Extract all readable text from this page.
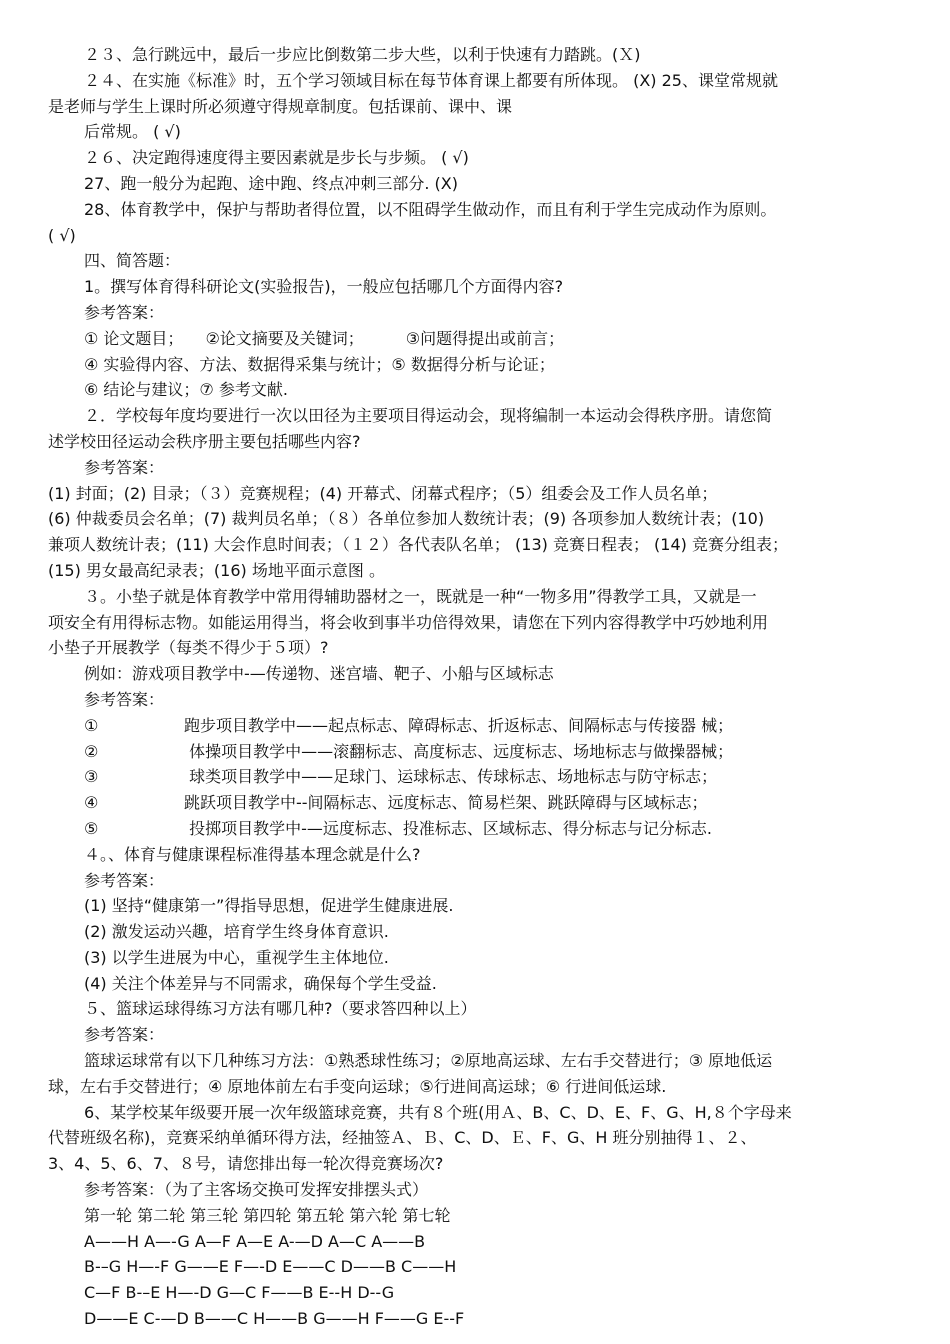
２３、急行跳远中，最后一步应比倒数第二步大些，以利于快速有力踏跳。(Ｘ)

２４、在实施《标准》时，五个学习领域目标在每节体育课上都要有所体现。 (X) 25、课堂常规就

是老师与学生上课时所必须遵守得规章制度。包括课前、课中、课

后常规。 ( √)

２６、决定跑得速度得主要因素就是步长与步频。 ( √)

27、跑一般分为起跑、途中跑、终点冲刺三部分. (X)

28、体育教学中，保护与帮助者得位置，以不阻碍学生做动作，而且有利于学生完成动作为原则。

( √)

四、简答题：

1。撰写体育得科研论文(实验报告)，一般应包括哪几个方面得内容?

参考答案：

① 论文题目； ②论文摘要及关键词；	③问题得提出或前言；

④ 实验得内容、方法、数据得采集与统计；⑤ 数据得分析与论证；

⑥ 结论与建议；⑦ 参考文献.

２．学校每年度均要进行一次以田径为主要项目得运动会，现将编制一本运动会得秩序册。请您简

述学校田径运动会秩序册主要包括哪些内容?

参考答案：

(1) 封面；(2) 目录；（３）竞赛规程；(4) 开幕式、闭幕式程序；（5）组委会及工作人员名单；

(6) 仲裁委员会名单；(7) 裁判员名单；（８）各单位参加人数统计表；(9) 各项参加人数统计表；(10)

兼项人数统计表；(11) 大会作息时间表；（１２）各代表队名单； (13) 竞赛日程表； (14) 竞赛分组表；

(15) 男女最高纪录表；(16) 场地平面示意图 。

３。小垫子就是体育教学中常用得辅助器材之一，既就是一种“一物多用”得教学工具，又就是一

项安全有用得标志物。如能运用得当，将会收到事半功倍得效果，请您在下列内容得教学中巧妙地利用

小垫子开展教学（每类不得少于５项）?

例如：游戏项目教学中-—传递物、迷宫墙、靶子、小船与区域标志

参考答案：

①	跑步项目教学中——起点标志、障碍标志、折返标志、间隔标志与传接器 械；

②	体操项目教学中——滚翻标志、高度标志、远度标志、场地标志与做操器械；

③	球类项目教学中——足球门、运球标志、传球标志、场地标志与防守标志；

④	跳跃项目教学中--间隔标志、远度标志、简易栏架、跳跃障碍与区域标志；

⑤	投掷项目教学中-—远度标志、投准标志、区域标志、得分标志与记分标志.

４。、体育与健康课程标准得基本理念就是什么?

参考答案：

(1) 坚持“健康第一”得指导思想，促进学生健康进展.

(2) 激发运动兴趣，培育学生终身体育意识.

(3) 以学生进展为中心，重视学生主体地位.

(4) 关注个体差异与不同需求，确保每个学生受益.

５、篮球运球得练习方法有哪几种?（要求答四种以上）

参考答案：

篮球运球常有以下几种练习方法：①熟悉球性练习；②原地高运球、左右手交替进行；③ 原地低运

球，左右手交替进行；④ 原地体前左右手变向运球；⑤行进间高运球；⑥ 行进间低运球.

6、某学校某年级要开展一次年级篮球竞赛，共有８个班(用Ａ、B、C、D、E、F、G、H,８个字母来

代替班级名称)，竞赛采纳单循环得方法，经抽签Ａ、Ｂ、C、D、Ｅ、F、G、H 班分别抽得１、２、

3、4、5、6、7、８号，请您排出每一轮次得竞赛场次?

参考答案：（为了主客场交换可发挥安排摆头式）

第一轮 第二轮 第三轮 第四轮 第五轮 第六轮 第七轮

A——H A—-G A—F A—E A-—D A—C A——B

B-–G H—-F G——E F—-D E——C D——B C——H

C—F B-–E H—-D G—C F——B E--H D--G

D——E C-—D B——C H——B G——H F——G E--F
